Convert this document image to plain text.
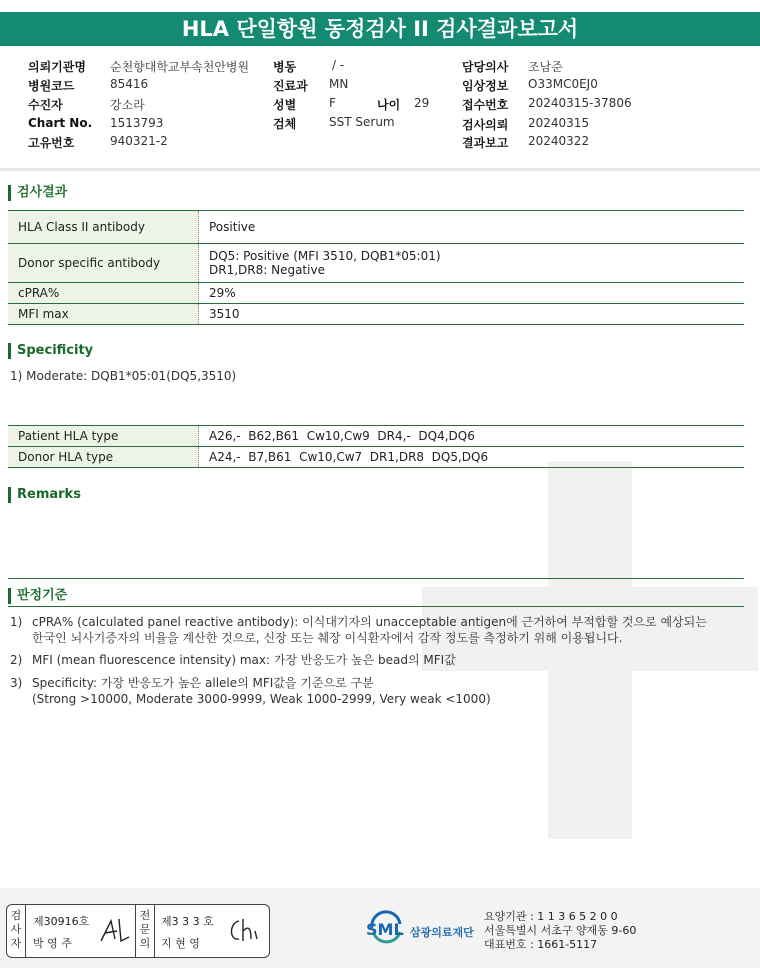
HLA 단일항원 동정검사 II 검사결과보고서
의뢰기관명 순천향대학교부속천안병원
병원코드	85416
수진자	강소라
Chart No. 1513793
고유번호	940321-2
병동	/ -
진료과 MN
성별	F	나이 29
검체	SST Serum
담당의사 조남준
임상정보 O33MC0EJ0
접수번호 20240315-37806
검사의뢰 20240315
결과보고 20240322
검사결과
HLA Class II antibody	Positive
Donor specific antibody	DQ5: Positive (MFI 3510, DQB1*05:01)
DR1,DR8: Negative

cPRA%	29%
MFI max	3510
Specificity
1) Moderate: DQB1*05:01(DQ5,3510)
Patient HLA type	A26,-  B62,B61  Cw10,Cw9  DR4,-  DQ4,DQ6
Donor HLA type	A24,-  B7,B61  Cw10,Cw7  DR1,DR8  DQ5,DQ6
Remarks
판정기준
1) cPRA% (calculated panel reactive antibody): 이식대기자의 unacceptable antigen에 근거하여 부적합할 것으로 예상되는
한국인 뇌사기증자의 비율을 계산한 것으로, 신장 또는 췌장 이식환자에서 감작 정도를 측정하기 위해 이용됩니다.
2) MFI (mean fluorescence intensity) max: 가장 반응도가 높은 bead의 MFI값
3)Specificity: 가장 반응도가 높은 allele의 MFI값을 기준으로 구분
(Strong >10000, Moderate 3000-9999, Weak 1000-2999, Very weak <1000)
검
사
자
제30916호
박 영 주
전
문
의
제3 3 3 호
지 현 영
SML 삼광의료재단
요양기관 : 1 1 3 6 5 2 0 0
서울특별시 서초구 양재동 9-60
대표번호 : 1661-5117
